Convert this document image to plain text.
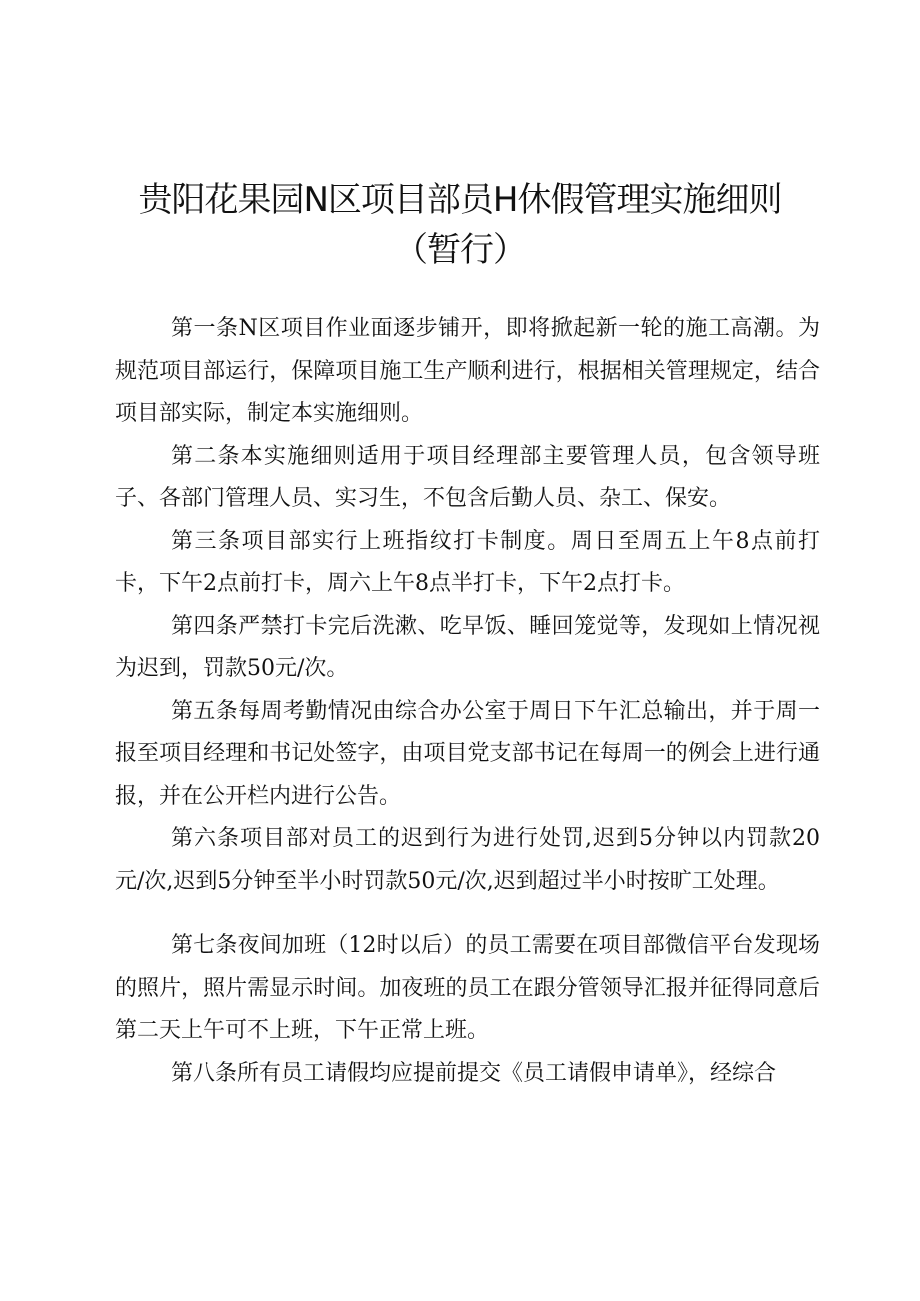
贵阳花果园N区项目部员H休假管理实施细则
（暂行）

第一条N区项目作业面逐步铺开，即将掀起新一轮的施工高潮。为规范项目部运行，保障项目施工生产顺利进行，根据相关管理规定，结合项目部实际，制定本实施细则。

第二条本实施细则适用于项目经理部主要管理人员，包含领导班子、各部门管理人员、实习生，不包含后勤人员、杂工、保安。

第三条项目部实行上班指纹打卡制度。周日至周五上午8点前打卡，下午2点前打卡，周六上午8点半打卡，下午2点打卡。

第四条严禁打卡完后洗漱、吃早饭、睡回笼觉等，发现如上情况视为迟到，罚款50元/次。

第五条每周考勤情况由综合办公室于周日下午汇总输出，并于周一报至项目经理和书记处签字，由项目党支部书记在每周一的例会上进行通报，并在公开栏内进行公告。

第六条项目部对员工的迟到行为进行处罚,迟到5分钟以内罚款20元/次,迟到5分钟至半小时罚款50元/次,迟到超过半小时按旷工处理。

第七条夜间加班（12时以后）的员工需要在项目部微信平台发现场的照片，照片需显示时间。加夜班的员工在跟分管领导汇报并征得同意后第二天上午可不上班，下午正常上班。

第八条所有员工请假均应提前提交《员工请假申请单》，经综合
